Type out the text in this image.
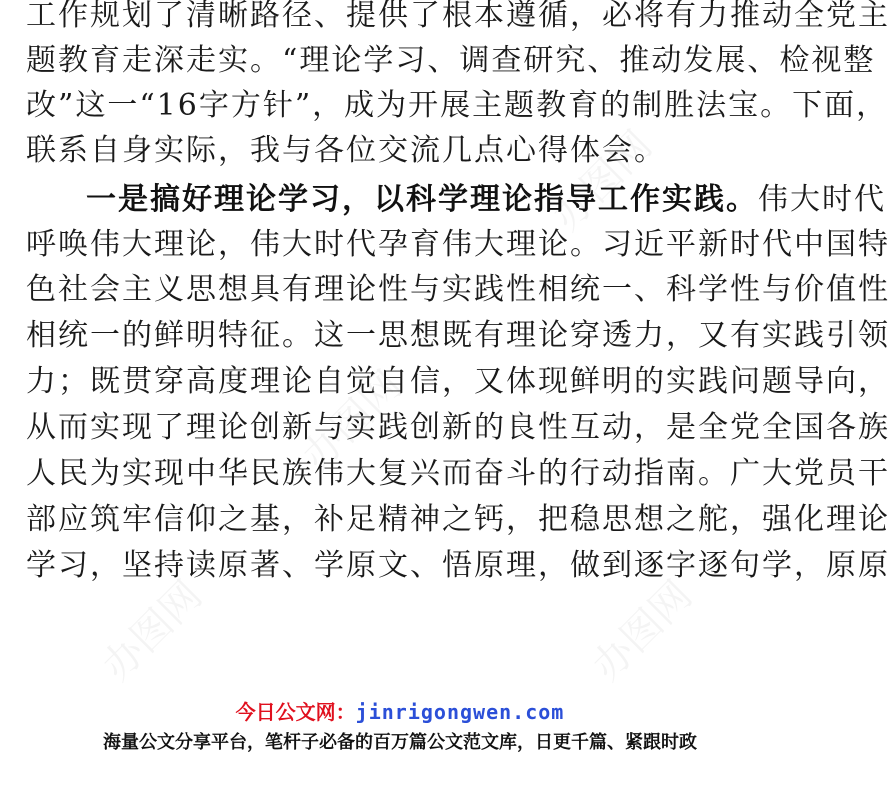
工作规划了清晰路径、提供了根本遵循，必将有力推动全党主
题教育走深走实。“理论学习、调查研究、推动发展、检视整
改”这一“16字方针”，成为开展主题教育的制胜法宝。下面，
联系自身实际，我与各位交流几点心得体会。
一是搞好理论学习，以科学理论指导工作实践。伟大时代
呼唤伟大理论，伟大时代孕育伟大理论。习近平新时代中国特
色社会主义思想具有理论性与实践性相统一、科学性与价值性
相统一的鲜明特征。这一思想既有理论穿透力，又有实践引领
力；既贯穿高度理论自觉自信，又体现鲜明的实践问题导向，
从而实现了理论创新与实践创新的良性互动，是全党全国各族
人民为实现中华民族伟大复兴而奋斗的行动指南。广大党员干
部应筑牢信仰之基，补足精神之钙，把稳思想之舵，强化理论
学习，坚持读原著、学原文、悟原理，做到逐字逐句学，原原
今日公文网：jinrigongwen.com
海量公文分享平台，笔杆子必备的百万篇公文范文库，日更千篇、紧跟时政
